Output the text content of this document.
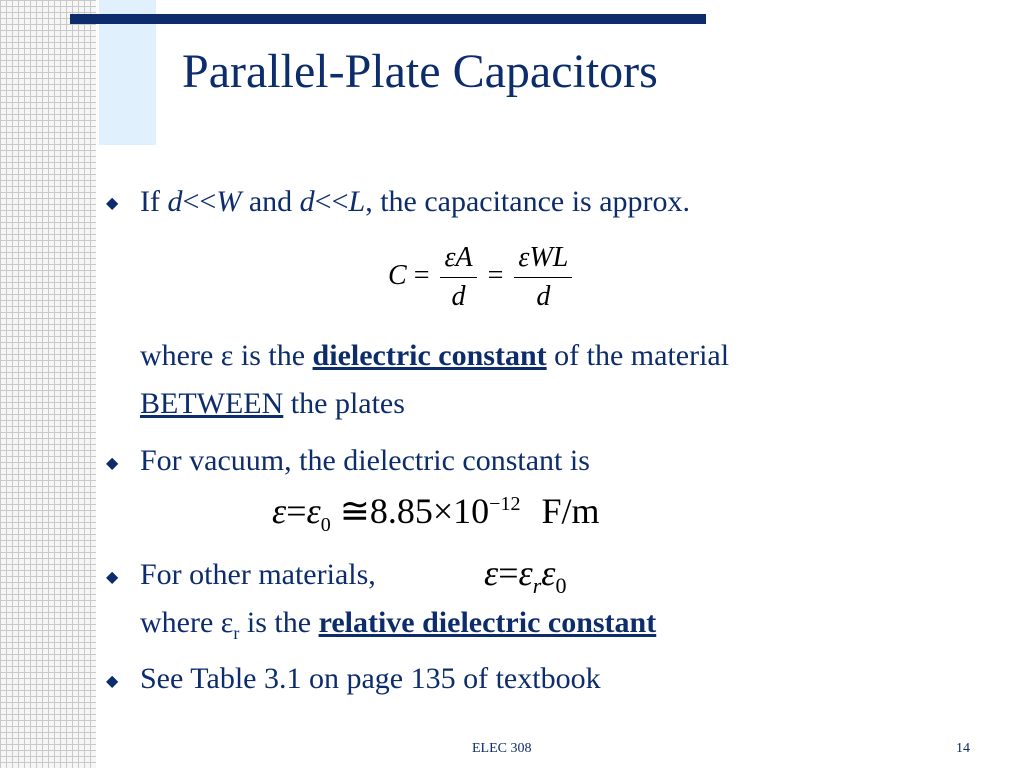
Parallel-Plate Capacitors
◆ If d<<W and d<<L, the capacitance is approx.
$C = \frac{\varepsilon A}{d} = \frac{\text{εWL}}{d}$
where ε is the dielectric constant of the material
BETWEEN the plates
◆ For vacuum, the dielectric constant is
$\varepsilon=\varepsilon_0$ $≅8.85\times 10^{-12}$ F/m
◆ For other materials,	$\varepsilon=\varepsilon_r\varepsilon_0$
where $\varepsilon_r$ is the relative dielectric constant
◆ See Table 3.1 on page 135 of textbook
ELEC 308	14
